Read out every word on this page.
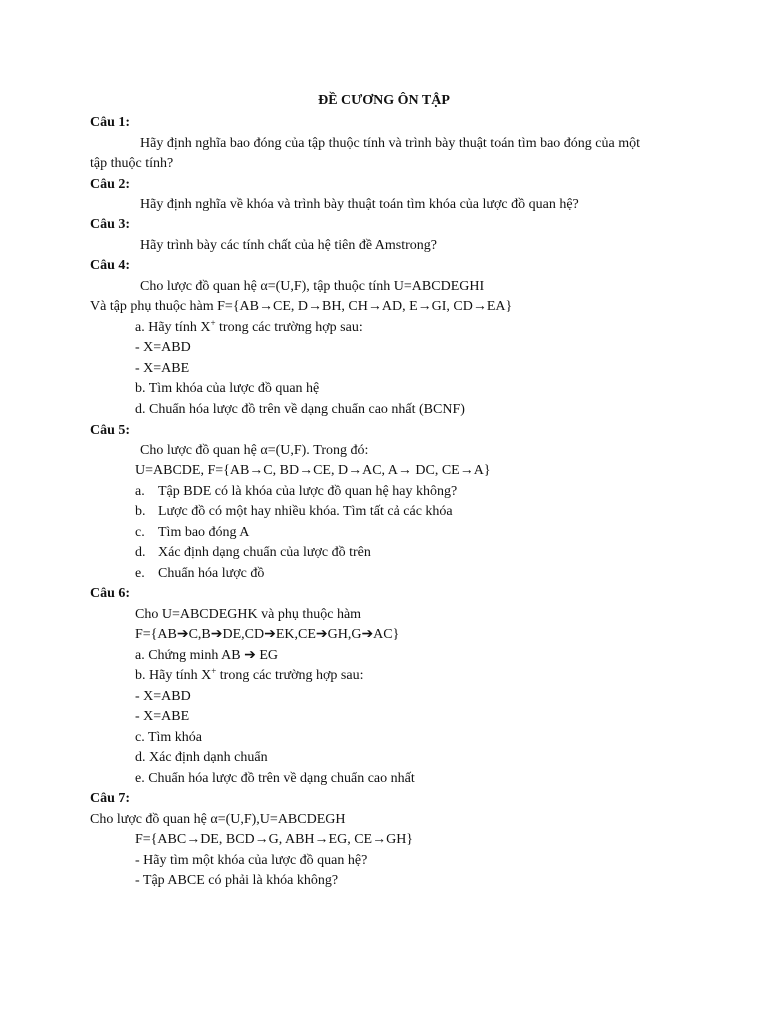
ĐỀ CƯƠNG ÔN TẬP
Câu 1:
Hãy định nghĩa bao đóng của tập thuộc tính và trình bày thuật toán tìm bao đóng của một
tập thuộc tính?
Câu 2:
Hãy định nghĩa về khóa và trình bày thuật toán tìm khóa của lược đồ quan hệ?
Câu 3:
Hãy trình bày các tính chất của hệ tiên đề Amstrong?
Câu 4:
Cho lược đồ quan hệ α=(U,F), tập thuộc tính U=ABCDEGHI
Và tập phụ thuộc hàm F={AB→CE, D→BH, CH→AD, E→GI, CD→EA}
a. Hãy tính X+ trong các trường hợp sau:
- X=ABD
- X=ABE
b. Tìm khóa của lược đồ quan hệ
d. Chuẩn hóa lược đồ trên về dạng chuẩn cao nhất (BCNF)
Câu 5:
Cho lược đồ quan hệ α=(U,F). Trong đó:
U=ABCDE, F={AB→C, BD→CE, D→AC, A→ DC, CE→A}
a. Tập BDE có là khóa của lược đồ quan hệ hay không?
b. Lược đồ có một hay nhiều khóa. Tìm tất cả các khóa
c. Tìm bao đóng A
d. Xác định dạng chuẩn của lược đồ trên
e. Chuẩn hóa lược đồ
Câu 6:
Cho U=ABCDEGHK và phụ thuộc hàm
F={AB➔C,B➔DE,CD➔EK,CE➔GH,G➔AC}
a. Chứng minh AB ➔ EG
b. Hãy tính X+ trong các trường hợp sau:
- X=ABD
- X=ABE
c. Tìm khóa
d. Xác định dạnh chuẩn
e. Chuẩn hóa lược đồ trên về dạng chuẩn cao nhất
Câu 7:
Cho lược đồ quan hệ α=(U,F),U=ABCDEGH
F={ABC→DE, BCD→G, ABH→EG, CE→GH}
- Hãy tìm một khóa của lược đồ quan hệ?
- Tập ABCE có phải là khóa không?
